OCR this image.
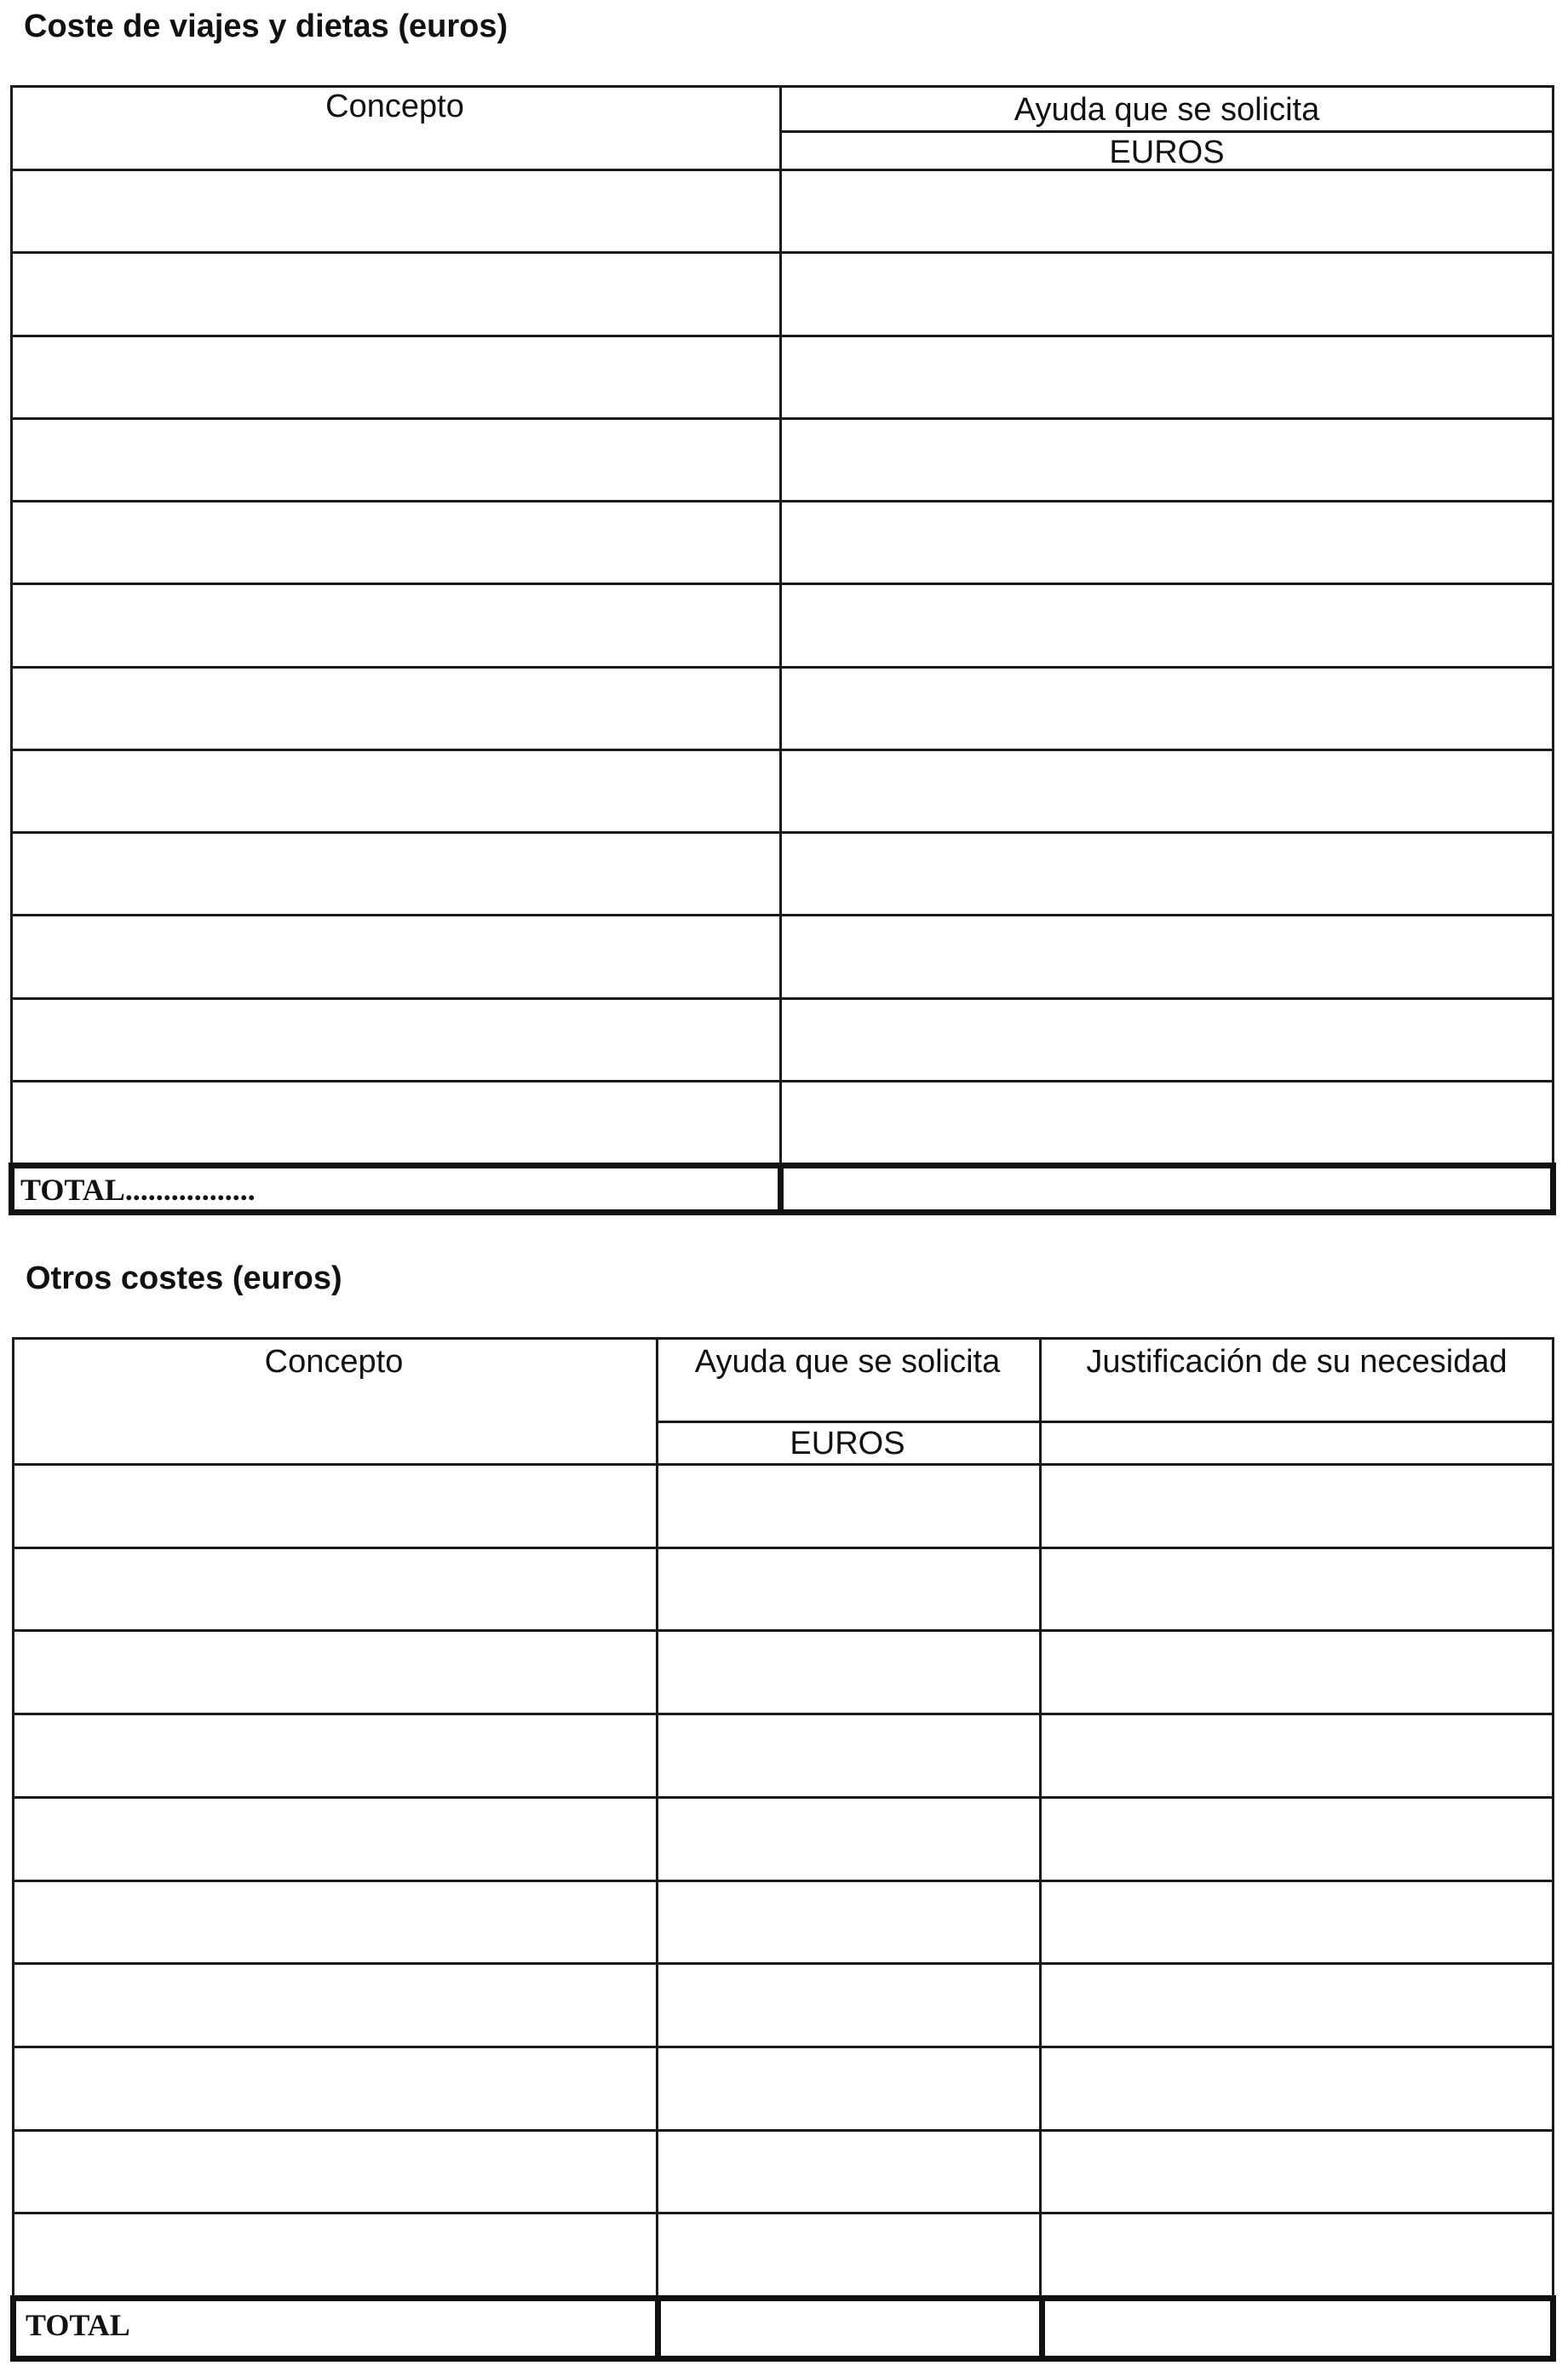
Coste de viajes y dietas (euros)
Concepto	Ayuda que se solicita
EUROS
TOTAL.................
Otros costes (euros)
Concepto	Ayuda que se solicita	Justificación de su necesidad
EUROS
TOTAL
